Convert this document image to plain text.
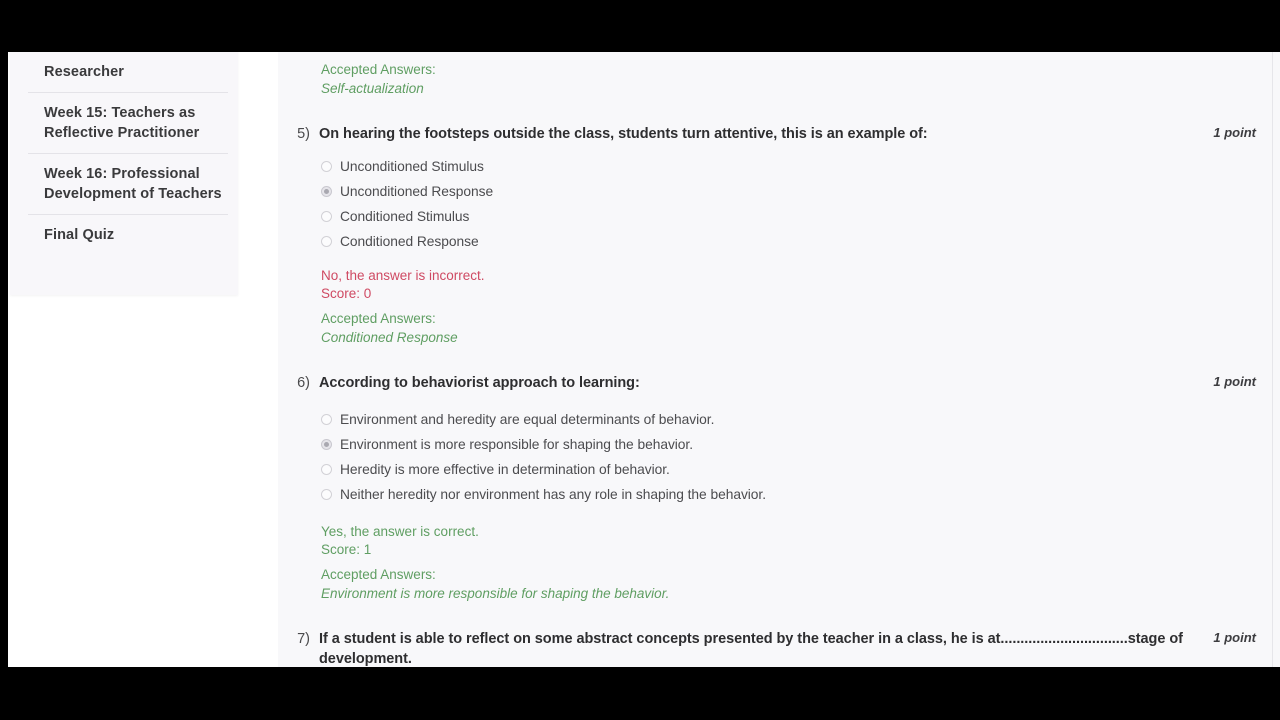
Researcher
Week 15: Teachers as Reflective Practitioner
Week 16: Professional Development of Teachers
Final Quiz
Accepted Answers:
Self-actualization
5) On hearing the footsteps outside the class, students turn attentive, this is an example of:	1 point
Unconditioned Stimulus
Unconditioned Response
Conditioned Stimulus
Conditioned Response
No, the answer is incorrect.
Score: 0
Accepted Answers:
Conditioned Response
6) According to behaviorist approach to learning:	1 point
Environment and heredity are equal determinants of behavior.
Environment is more responsible for shaping the behavior.
Heredity is more effective in determination of behavior.
Neither heredity nor environment has any role in shaping the behavior.
Yes, the answer is correct.
Score: 1
Accepted Answers:
Environment is more responsible for shaping the behavior.
7) If a student is able to reflect on some abstract concepts presented by the teacher in a class, he is at................................stage of development.
1 point
